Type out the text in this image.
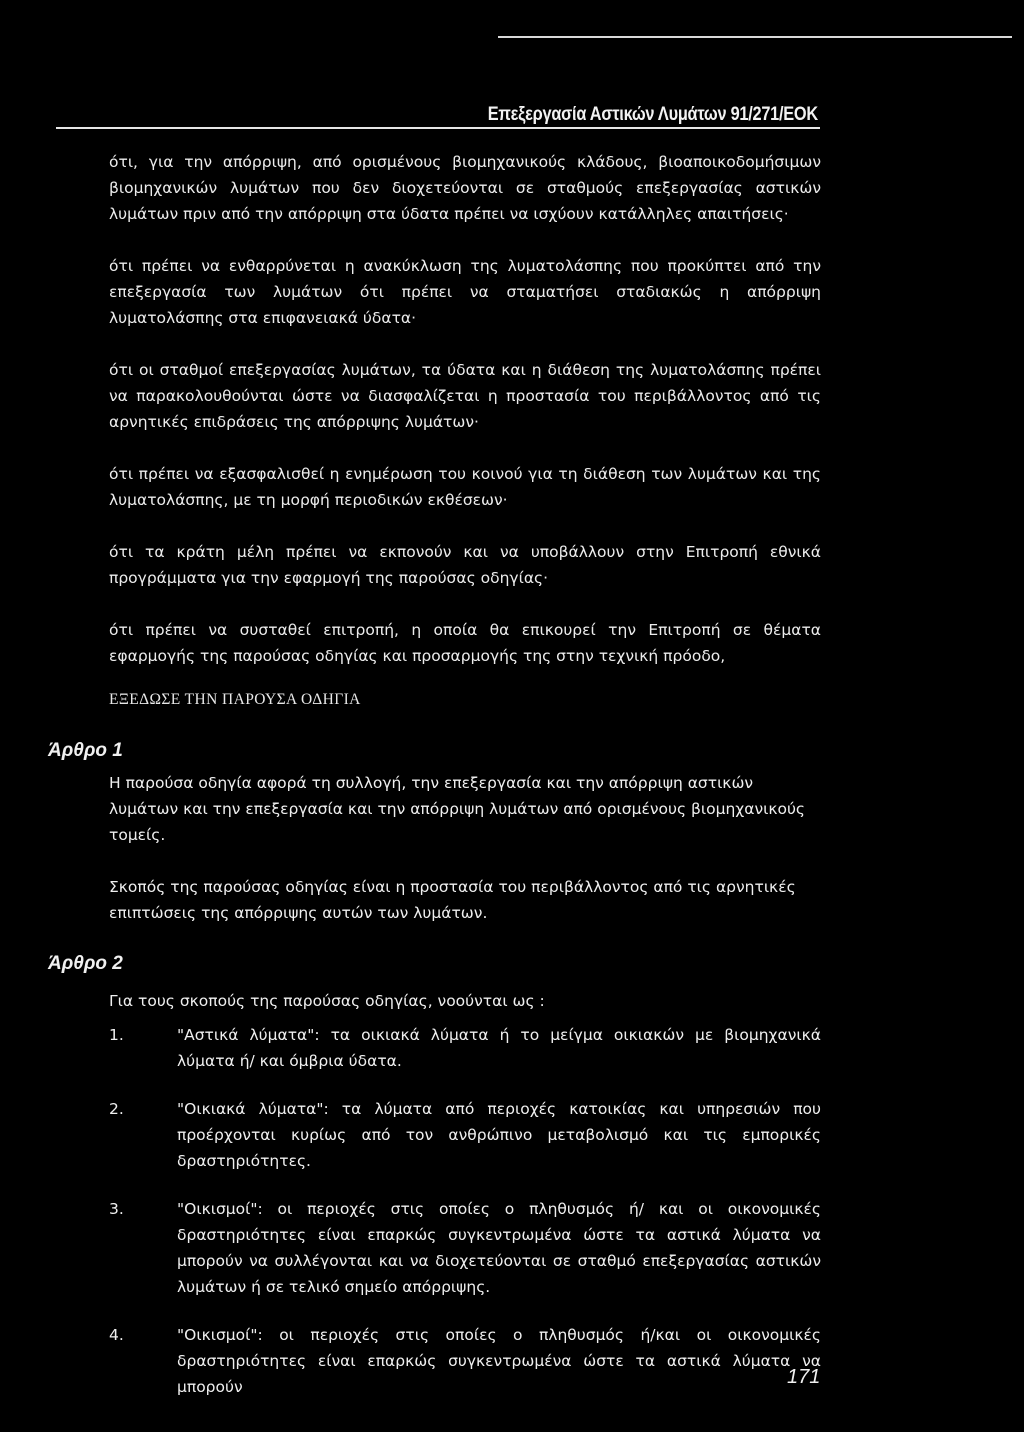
Επεξεργασία Αστικών Λυμάτων 91/271/ΕΟΚ

ότι, για την απόρριψη, από ορισμένους βιομηχανικούς κλάδους, βιοαποικοδομήσιμων βιομηχανικών λυμάτων που δεν διοχετεύονται σε σταθμούς επεξεργασίας αστικών λυμάτων πριν από την απόρριψη στα ύδατα πρέπει να ισχύουν κατάλληλες απαιτήσεις·

ότι πρέπει να ενθαρρύνεται η ανακύκλωση της λυματολάσπης που προκύπτει από την επεξεργασία των λυμάτων ότι πρέπει να σταματήσει σταδιακώς η απόρριψη λυματολάσπης στα επιφανειακά ύδατα·

ότι οι σταθμοί επεξεργασίας λυμάτων, τα ύδατα και η διάθεση της λυματολάσπης πρέπει να παρακολουθούνται ώστε να διασφαλίζεται η προστασία του περιβάλλοντος από τις αρνητικές επιδράσεις της απόρριψης λυμάτων·

ότι πρέπει να εξασφαλισθεί η ενημέρωση του κοινού για τη διάθεση των λυμάτων και της λυματολάσπης, με τη μορφή περιοδικών εκθέσεων·

ότι τα κράτη μέλη πρέπει να εκπονούν και να υποβάλλουν στην Επιτροπή εθνικά προγράμματα για την εφαρμογή της παρούσας οδηγίας·

ότι πρέπει να συσταθεί επιτροπή, η οποία θα επικουρεί την Επιτροπή σε θέματα εφαρμογής της παρούσας οδηγίας και προσαρμογής της στην τεχνική πρόοδο,

ΕΞΕΔΩΣΕ ΤΗΝ ΠΑΡΟΥΣΑ ΟΔΗΓΙΑ
Άρθρο 1

Η παρούσα οδηγία αφορά τη συλλογή, την επεξεργασία και την απόρριψη αστικών λυμάτων και την επεξεργασία και την απόρριψη λυμάτων από ορισμένους βιομηχανικούς τομείς.

Σκοπός της παρούσας οδηγίας είναι η προστασία του περιβάλλοντος από τις αρνητικές επιπτώσεις της απόρριψης αυτών των λυμάτων.

Άρθρο 2
Για τους σκοπούς της παρούσας οδηγίας, νοούνται ως :
1.	"Αστικά λύματα": τα οικιακά λύματα ή το μείγμα οικιακών με βιομηχανικά λύματα ή/ και όμβρια ύδατα.
2.	"Οικιακά λύματα": τα λύματα από περιοχές κατοικίας και υπηρεσιών που προέρχονται κυρίως από τον ανθρώπινο μεταβολισμό και τις εμπορικές δραστηριότητες.
3.	"Οικισμοί": οι περιοχές στις οποίες ο πληθυσμός ή/ και οι οικονομικές δραστηριότητες είναι επαρκώς συγκεντρωμένα ώστε τα αστικά λύματα να μπορούν να συλλέγονται και να διοχετεύονται σε σταθμό επεξεργασίας αστικών λυμάτων ή σε τελικό σημείο απόρριψης.
4.	"Οικισμοί": οι περιοχές στις οποίες ο πληθυσμός ή/και οι οικονομικές δραστηριότητες είναι επαρκώς συγκεντρωμένα ώστε τα αστικά λύματα να μπορούν	171
